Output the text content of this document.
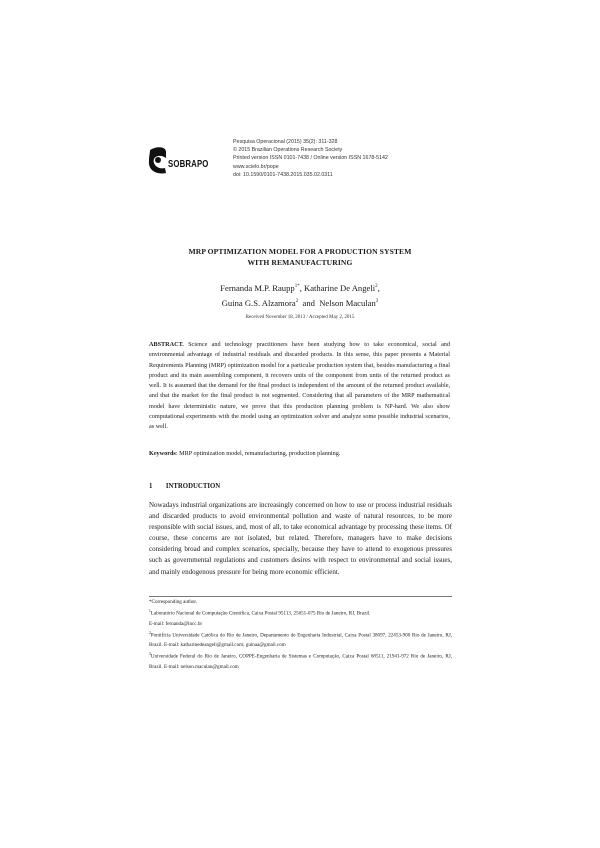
SOBRAPO
Pesquisa Operacional (2015) 35(2): 311-328
© 2015 Brazilian Operations Research Society
Printed version ISSN 0101-7438 / Online version ISSN 1678-5142
www.scielo.br/pope
doi: 10.1590/0101-7438.2015.035.02.0311
MRP OPTIMIZATION MODEL FOR A PRODUCTION SYSTEM
WITH REMANUFACTURING
Fernanda M.P. Raupp$^{1*}$, Katharine De Angeli$^2$,
Guina G.S. Alzamora$^2$ and Nelson Maculan$^3$
Received November 18, 2013 / Accepted May 2, 2015
ABSTRACT. Science and technology practitioners have been studying how to take economical, social and environmental advantage of industrial residuals and discarded products. In this sense, this paper presents a Material Requirements Planning (MRP) optimization model for a particular production system that, besides manufacturing a final product and its main assembling component, it recovers units of the component from units of the returned product as well. It is assumed that the demand for the final product is independent of the amount of the returned product available, and that the market for the final product is not segmented. Considering that all parameters of the MRP mathematical model have deterministic nature, we prove that this production planning problem is NP-hard. We also show computational experiments with the model using an optimization solver and analyze some possible industrial scenarios, as well.
Keywords: MRP optimization model, remanufacturing, production planning.
1 INTRODUCTION
Nowadays industrial organizations are increasingly concerned on how to use or process industrial residuals and discarded products to avoid environmental pollution and waste of natural resources, to be more responsible with social issues, and, most of all, to take economical advantage by processing these items. Of course, these concerns are not isolated, but related. Therefore, managers have to make decisions considering broad and complex scenarios, specially, because they have to attend to exogenous pressures such as governmental regulations and customers desires with respect to environmental and social issues, and mainly endogenous pressure for being more economic efficient.

*Corresponding author.

$^1$Laboratório Nacional de Computação Científica, Caixa Postal 95113, 25651-075 Rio de Janeiro, RJ, Brazil.

E-mail: fernanda@lncc.br

$^2$Pontifícia Universidade Católica do Rio de Janeiro, Departamento de Engenharia Industrial, Caixa Postal 38097, 22453-900 Rio de Janeiro, RJ, Brazil. E-mail: katharinedeangeli@gmail.com; guinaa@gmail.com

$^3$Universidade Federal do Rio de Janeiro, COPPE-Engenharia de Sistemas e Computação, Caixa Postal 68511, 21941-972 Rio de Janeiro, RJ, Brazil. E-mail: nelson.maculan@gmail.com
